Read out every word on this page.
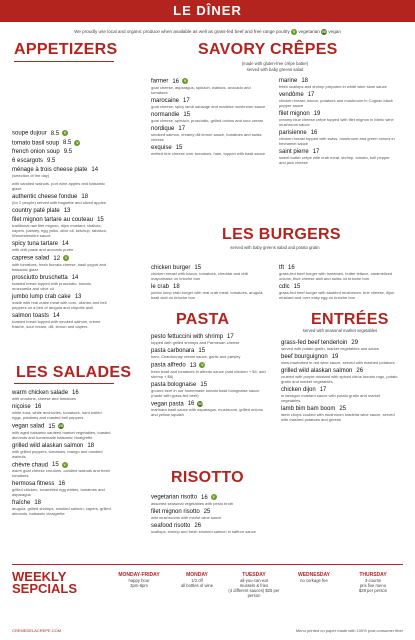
LE DÎNER
We proudly use local and organic produce when available as well as grass-fed beef and free range poultry V vegetarian VG vegan
APPETIZERS
soupe dujour 8.5 V
tomato basil soup 8.5 V
french onion soup 9.5
6 escargots 9.5
ménage à trois cheese plate 14
(selection of the day)
with candied walnuts, port wine apples and balsamic glaze
authentic cheese fondue 18
(for 2 people) served with baguette and sliced apples
country paté plate 13
filet mignon tartare au couteau 15
traditional raw filet mignon, dijon mustard, shallots, capers, parsley, egg yolks, olive oil, ketchup, tabasco, Worcestershire sauce
spicy tuna tartare 14
with chili paste and avocado purée
caprese salad 12 V
with tomatoes, fresh burrata cheese, basil yogurt and balsamic glaze
prosciutto bruschetta 14
toasted bread topped with prosciutto, tomato, mozzarella and olive oil
jumbo lump crab cake 13
made with real crabe meat with corn, cilantro and bell peppers on a bed of arugula and chipotle aioli
salmon toasts 14
toasted bread topped with smoked salmon, crème fraiche, sour cream, dill, lemon and capers
LES SALADES
warm chicken salade 16
with croutons, cheese and tomatoes
niçoise 16
white tuna, white anchovies, tomatoes, hard boiled eggs, potatoes and roasted bell peppers
vegan salad 15 VG
with aged balsamic sautéed market vegetables, toasted almonds and homemade balsamic vinaigrette
grilled wild alaskan salmon 18
with grilled peppers, tomatoes, mango and candied walnuts
chèvre chaud 15 V
warm goat cheese croutons, candied walnuts and fresh tomatoes
hermosa fitness 16
grilled chicken, scrambled egg whites, tomatoes and asparagus
fraîche 18
arugula, grilled shrimps, smoked salmon, capers, grilled almonds, balsamic vinaigrette
SAVORY CRÊPES
(made with gluten-free crêpe batter)
served with baby greens salad
farmer 16 V
goat cheese, asparagus, spinach, walnuts, avocado and tomatoes
marocaine 17
goat cheese, spicy lamb sausage and madeira mushroom sauce
normandie 15
goat cheese, spinach, prosciutto, grilled onions and sour cream
nordique 17
smoked salmon, creamy dill lemon sauce, tomatoes and swiss cheese
exquise 15
melted brie cheese over tomatoes, ham, topped with basil sauce
marine 18
fresh scallops and shrimp prepared in white wine slam sauce
vendôme 17
chicken breast, bacon, potatoes and mushroom in Cognac black pepper sauce
filet mignon 19
creamy blue cheese crêpe topped with filet mignon in Merlo wine mushroom sauce
parisienne 16
chicken breast topped with swiss, mushroom and green onions in béchamel sauce
saint pierre 17
sweet butter crêpe with crab meat, shrimp, tomato, bell pepper and jack cheese
LES BURGERS
served with baby greens salad and potato gratin
chicken burger 15
chicken breast with bacon, tomatoes, cheddar and chili mayonnaise on brioche bun
le crab 18
jumbo lump crab burger with real crab meat, tomatoes, arugula, basil aioli on brioche bun
tft 16
grass-fed beef burger with tomatoes, butter lettuce, caramelized onions, blue cheese aioli and swiss on brioche bun
cdlc 15
grass-fed beef burger with sautéed mushroom, brie cheese, dijon mustard and over easy egg on brioche bun
PASTA
pesto fettuccini with shrimp 17
topped with grilled shrimps and Parmesan cheese
pasta carbonara 15
ham, Chardonnay cream sauce, garlic and parsley
pasta alfredo 13 V
fresh basil and tomatoes in alfredo sauce (add chicken + $4; add shrimp + $6)
pasta bolognaise 15
ground beef in our homemade tomato basil bolognaise sauce (made with grass-fed beef)
vegan pasta 16 VG
marinara basil sauce with asparagus, mushroom, grilled onions and yellow squash
RISOTTO
vegetarian risotto 16 V
assorted seasonal vegetables with pesto broth
filet mignon risotto 25
wild mushrooms with merlot wine sauce
seafood risotto 26
scallops, shrimp and fresh smoked salmon in saffron sauce
ENTRÉES
served with seasonal market vegetables
grass-fed beef tenderloin 29
served with potato gratin, market vegetables and sauce
beef bourguignon 19
slow-marinated in red wine sauce, served with mashed potatoes
grilled wild alaskan salmon 26
crusted with purple mustard with spiced citrus tomato ragu, potato gratin and market vegetables
chicken dijon 17
in tarragon mustard sauce with potato gratin and market vegetables
lamb bim bam boom 25
lamb chops cooked with mushroom madeira wine sauce, served with mashed potatoes and greens
WEEKLY
SEPCIALS
MONDAY-FRIDAY
happy hour
3pm-6pm
MONDAY
1/2 off
all bottles of wine
TUESDAY
all-you-can-eat
mussels & fries
(4 different sauces) $25 per person
WEDNESDAY
no corkage fee
THURSDAY
3-course
prix fixe menu
$29 per person
CREMEDELACREPE.COM	Menu printed on paper made with 100% post consumer fiber
